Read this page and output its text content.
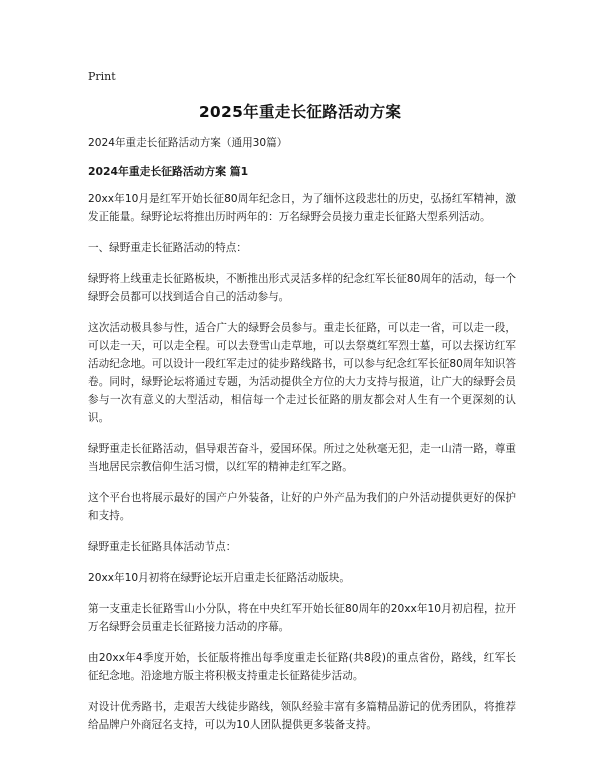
Print
2025年重走长征路活动方案

2024年重走长征路活动方案（通用30篇）

2024年重走长征路活动方案 篇1

20xx年10月是红军开始长征80周年纪念日，为了缅怀这段悲壮的历史，弘扬红军精神，激发正能量。绿野论坛将推出历时两年的：万名绿野会员接力重走长征路大型系列活动。

一、绿野重走长征路活动的特点：

绿野将上线重走长征路板块，不断推出形式灵活多样的纪念红军长征80周年的活动，每一个绿野会员都可以找到适合自己的活动参与。

这次活动极具参与性，适合广大的绿野会员参与。重走长征路，可以走一省，可以走一段，可以走一天，可以走全程。可以去登雪山走草地，可以去祭奠红军烈士墓，可以去探访红军活动纪念地。可以设计一段红军走过的徒步路线路书，可以参与纪念红军长征80周年知识答卷。同时，绿野论坛将通过专题，为活动提供全方位的大力支持与报道，让广大的绿野会员参与一次有意义的大型活动，相信每一个走过长征路的朋友都会对人生有一个更深刻的认识。

绿野重走长征路活动，倡导艰苦奋斗，爱国环保。所过之处秋毫无犯，走一山清一路，尊重当地居民宗教信仰生活习惯，以红军的精神走红军之路。

这个平台也将展示最好的国产户外装备，让好的户外产品为我们的户外活动提供更好的保护和支持。

绿野重走长征路具体活动节点：

20xx年10月初将在绿野论坛开启重走长征路活动版块。

第一支重走长征路雪山小分队，将在中央红军开始长征80周年的20xx年10月初启程，拉开万名绿野会员重走长征路接力活动的序幕。

由20xx年4季度开始，长征版将推出每季度重走长征路(共8段)的重点省份，路线，红军长征纪念地。沿途地方版主将积极支持重走长征路徒步活动。

对设计优秀路书，走艰苦大线徒步路线，领队经验丰富有多篇精品游记的优秀团队，将推荐给品牌户外商冠名支持，可以为10人团队提供更多装备支持。
